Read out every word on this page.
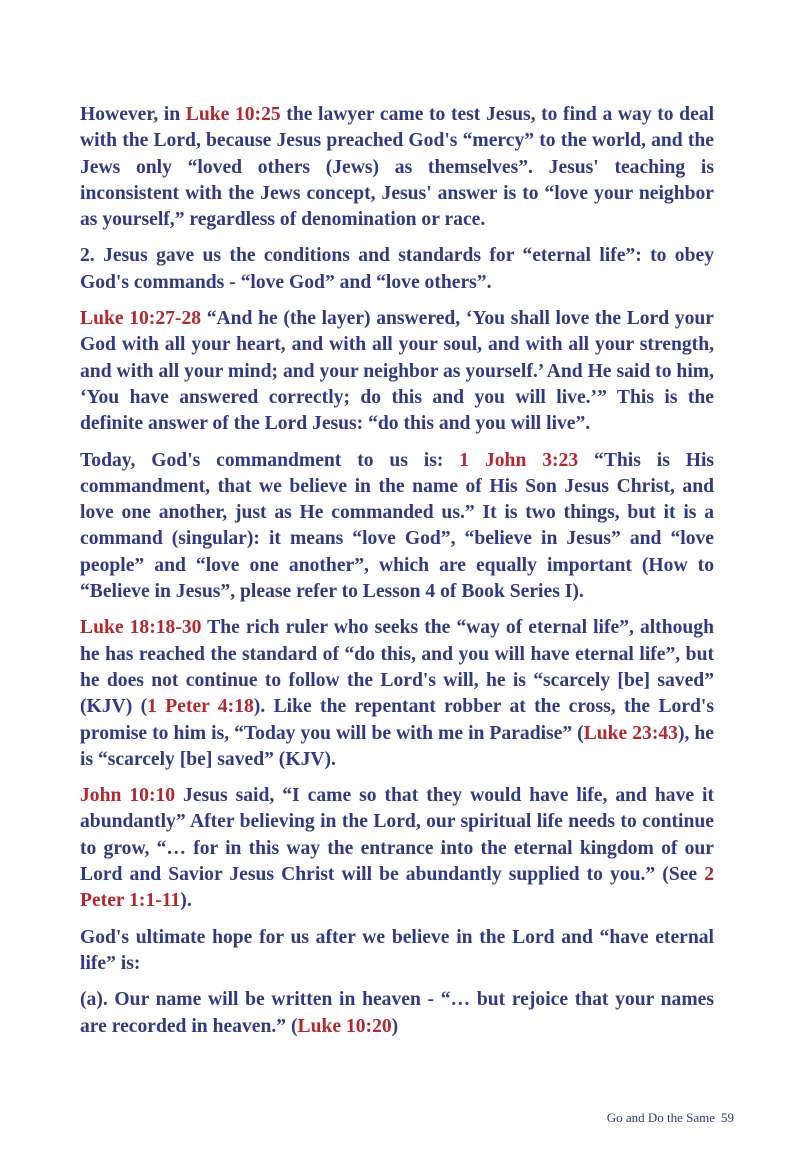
However, in Luke 10:25 the lawyer came to test Jesus, to find a way to deal with the Lord, because Jesus preached God's “mercy” to the world, and the Jews only “loved others (Jews) as themselves”. Jesus' teaching is inconsistent with the Jews concept, Jesus' answer is to “love your neighbor as yourself,” regardless of denomination or race.

2. Jesus gave us the conditions and standards for “eternal life”: to obey God's commands - “love God” and “love others”.

Luke 10:27-28 “And he (the layer) answered, ‘You shall love the Lord your God with all your heart, and with all your soul, and with all your strength, and with all your mind; and your neighbor as yourself.’ And He said to him, ‘You have answered correctly; do this and you will live.’” This is the definite answer of the Lord Jesus: “do this and you will live”.

Today, God's commandment to us is: 1 John 3:23 “This is His commandment, that we believe in the name of His Son Jesus Christ, and love one another, just as He commanded us.” It is two things, but it is a command (singular): it means “love God”, “believe in Jesus” and “love people” and “love one another”, which are equally important (How to “Believe in Jesus”, please refer to Lesson 4 of Book Series I).

Luke 18:18-30 The rich ruler who seeks the “way of eternal life”, although he has reached the standard of “do this, and you will have eternal life”, but he does not continue to follow the Lord's will, he is “scarcely [be] saved” (KJV) (1 Peter 4:18). Like the repentant robber at the cross, the Lord's promise to him is, “Today you will be with me in Paradise” (Luke 23:43), he is “scarcely [be] saved” (KJV).

John 10:10 Jesus said, “I came so that they would have life, and have it abundantly” After believing in the Lord, our spiritual life needs to continue to grow, “… for in this way the entrance into the eternal kingdom of our Lord and Savior Jesus Christ will be abundantly supplied to you.” (See 2 Peter 1:1-11).

God's ultimate hope for us after we believe in the Lord and “have eternal life” is:

(a). Our name will be written in heaven - “… but rejoice that your names are recorded in heaven.” (Luke 10:20)

Go and Do the Same 59
